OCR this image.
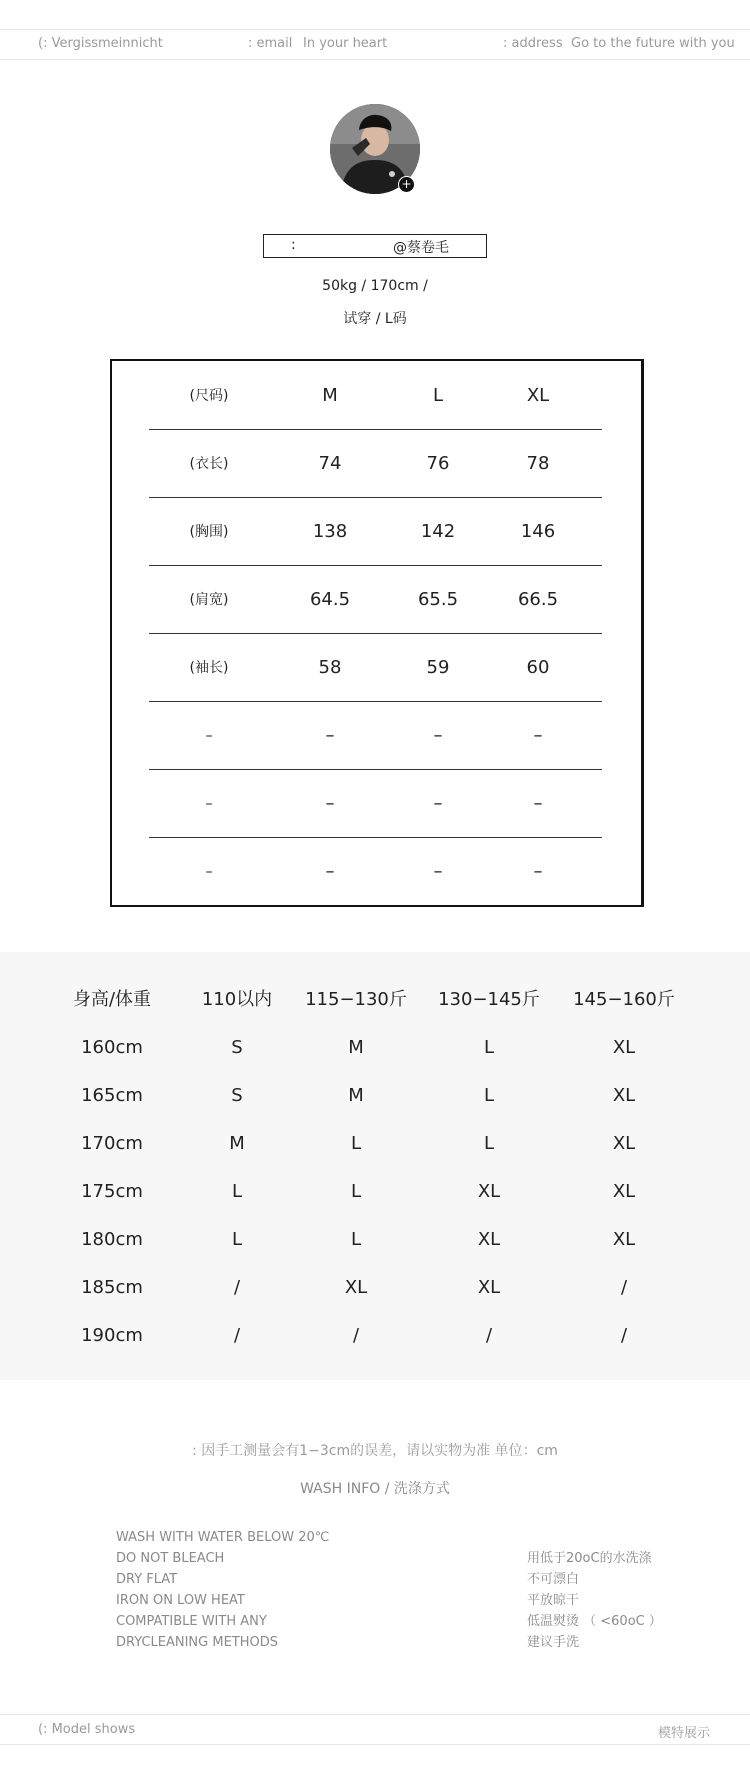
(: Vergissmeinnicht	: email In your heart	: address Go to the future with you
+
:	@蔡卷毛
50kg / 170cm /
试穿 / L码
(尺码)	M	L	XL
(衣长)	74	76	78
(胸围)	138	142	146
(肩宽)	64.5	65.5	66.5
(袖长)	58	59	60
–	–	–	–
–	–	–	–
–	–	–	–
身高/体重	110以内	115−130斤	130−145斤	145−160斤
160cm	S	M	L	XL
165cm	S	M	L	XL
170cm	M	L	L	XL
175cm	L	L	XL	XL
180cm	L	L	XL	XL
185cm	/	XL	XL	/
190cm	/	/	/	/
: 因手工测量会有1−3cm的误差，请以实物为准 单位：cm
WASH INFO / 洗涤方式
WASH WITH WATER BELOW 20℃
DO NOT BLEACH
DRY FLAT
IRON ON LOW HEAT
COMPATIBLE WITH ANY
DRYCLEANING METHODS
用低于20oC的水洗涤
不可漂白
平放晾干
低温熨烫 （ <60oC ）
建议手洗
(: Model shows	模特展示
